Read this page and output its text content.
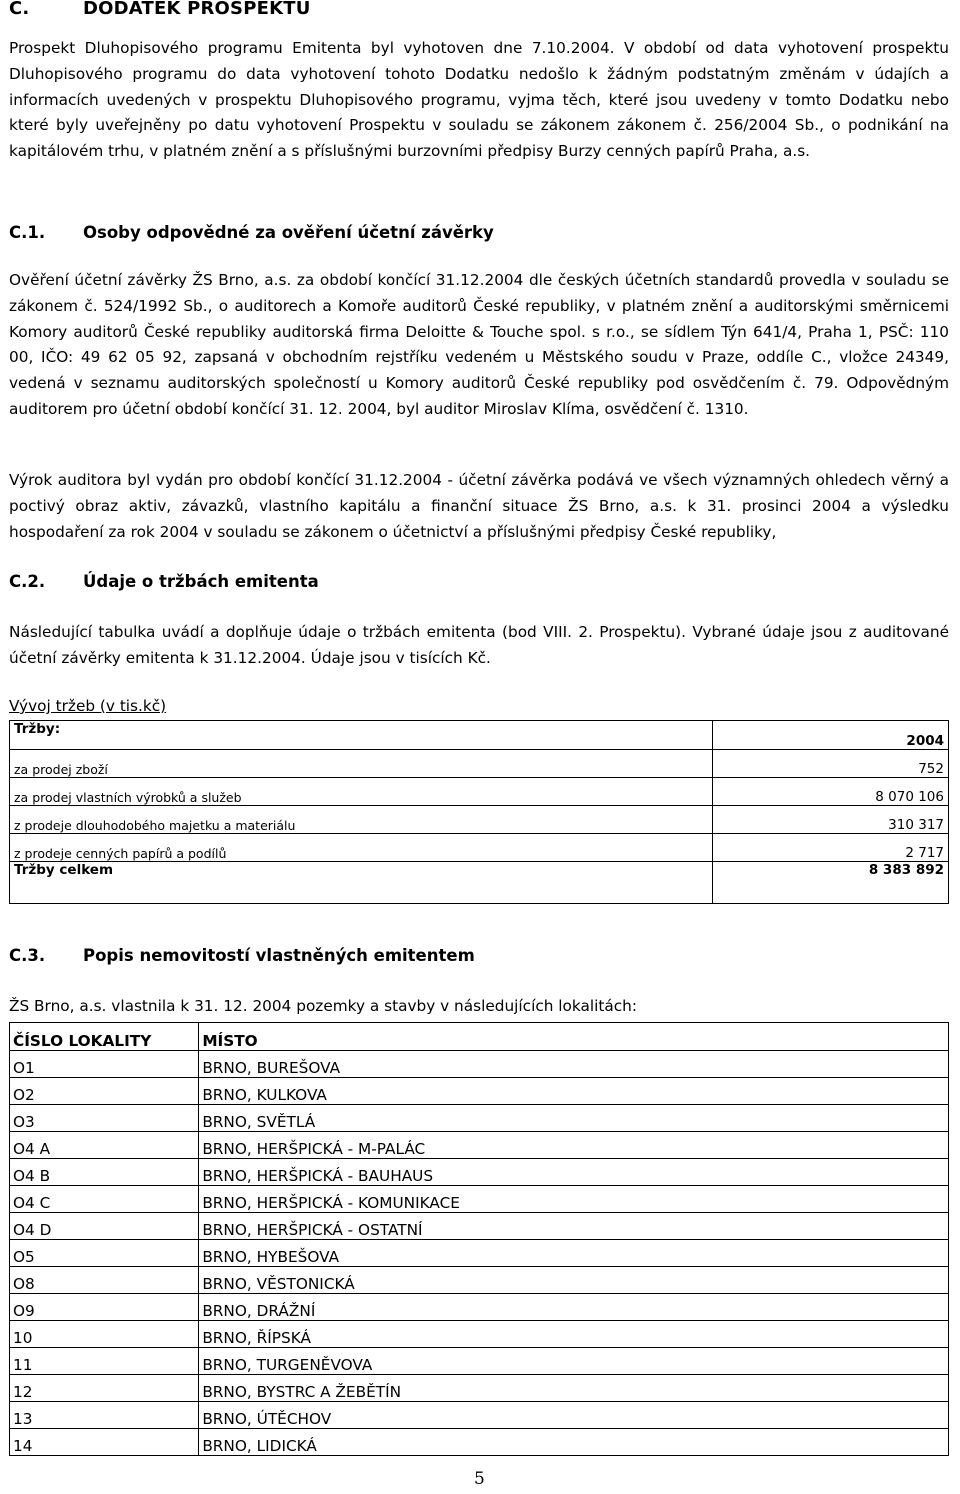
C.	DODATEK PROSPEKTU
Prospekt Dluhopisového programu Emitenta byl vyhotoven dne 7.10.2004. V období od data vyhotovení prospektu Dluhopisového programu do data vyhotovení tohoto Dodatku nedošlo k žádným podstatným změnám v údajích a informacích uvedených v prospektu Dluhopisového programu, vyjma těch, které jsou uvedeny v tomto Dodatku nebo které byly uveřejněny po datu vyhotovení Prospektu v souladu se zákonem zákonem č. 256/2004 Sb., o podnikání na kapitálovém trhu, v platném znění a s příslušnými burzovními předpisy Burzy cenných papírů Praha, a.s.
C.1. Osoby odpovědné za ověření účetní závěrky
Ověření účetní závěrky ŽS Brno, a.s. za období končící 31.12.2004 dle českých účetních standardů provedla v souladu se zákonem č. 524/1992 Sb., o auditorech a Komoře auditorů České republiky, v platném znění a auditorskými směrnicemi Komory auditorů České republiky auditorská firma Deloitte & Touche spol. s r.o., se sídlem Týn 641/4, Praha 1, PSČ: 110 00, IČO: 49 62 05 92, zapsaná v obchodním rejstříku vedeném u Městského soudu v Praze, oddíle C., vložce 24349, vedená v seznamu auditorských společností u Komory auditorů České republiky pod osvědčením č. 79. Odpovědným auditorem pro účetní období končící 31. 12. 2004, byl auditor Miroslav Klíma, osvědčení č. 1310.
Výrok auditora byl vydán pro období končící 31.12.2004 - účetní závěrka podává ve všech významných ohledech věrný a poctivý obraz aktiv, závazků, vlastního kapitálu a finanční situace ŽS Brno, a.s. k 31. prosinci 2004 a výsledku hospodaření za rok 2004 v souladu se zákonem o účetnictví a příslušnými předpisy České republiky,
C.2. Údaje o tržbách emitenta
Následující tabulka uvádí a doplňuje údaje o tržbách emitenta (bod VIII. 2. Prospektu). Vybrané údaje jsou z auditované účetní závěrky emitenta k 31.12.2004. Údaje jsou v tisících Kč.
Vývoj tržeb (v tis.kč)
Tržby:	2004
za prodej zboží	752
za prodej vlastních výrobků a služeb	8 070 106
z prodeje dlouhodobého majetku a materiálu	310 317
z prodeje cenných papírů a podílů	2 717
Tržby celkem	8 383 892
C.3. Popis nemovitostí vlastněných emitentem
ŽS Brno, a.s. vlastnila k 31. 12. 2004 pozemky a stavby v následujících lokalitách:
ČÍSLO LOKALITY	MÍSTO
O1	BRNO, BUREŠOVA
O2	BRNO, KULKOVA
O3	BRNO, SVĚTLÁ
O4 A	BRNO, HERŠPICKÁ - M-PALÁC
O4 B	BRNO, HERŠPICKÁ - BAUHAUS
O4 C	BRNO, HERŠPICKÁ - KOMUNIKACE
O4 D	BRNO, HERŠPICKÁ - OSTATNÍ
O5	BRNO, HYBEŠOVA
O8	BRNO, VĚSTONICKÁ
O9	BRNO, DRÁŽNÍ
10	BRNO, ŘÍPSKÁ
11	BRNO, TURGENĚVOVA
12	BRNO, BYSTRC A ŽEBĚTÍN
13	BRNO, ÚTĚCHOV
14	BRNO, LIDICKÁ
5
